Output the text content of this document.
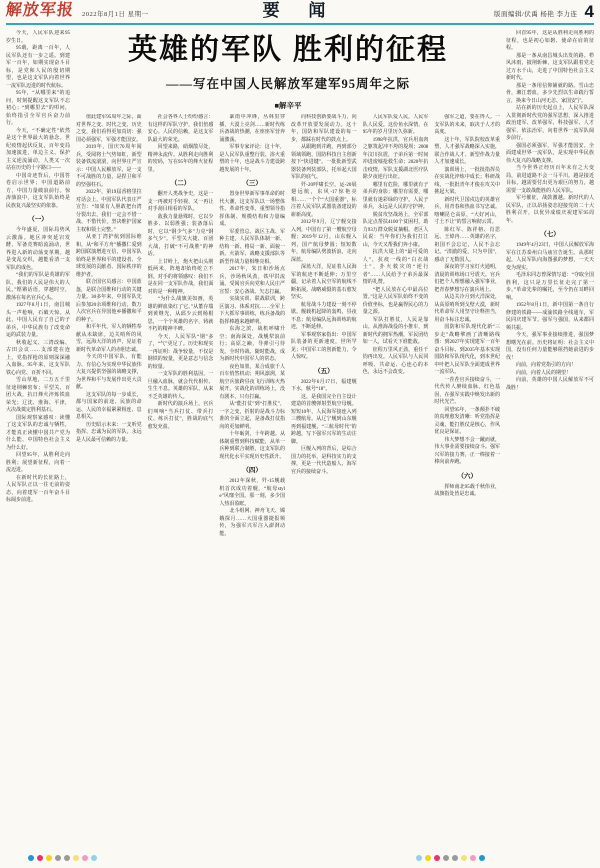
解放军报 2022年8月1日 星期一	要 闻	版面编辑/伏禹 杨艳 李力连 4

今天，人民军队迎来95岁生日。

95载，距离一百年，人民军队还有一步之遥。到建军一百年，如期实现奋斗目标，是党和人民的殷切期望，也是这支军队向着世界一流军队迈进的时代航标。

95年，“从哪里来”的追问，时刻提醒这支军队不忘初心；“到哪里去”的叩问，始终指引全军官兵奋力前行。

今天，“不确定性”依然是这个世界最大的悬念。世纪疫情起伏反复，百年变局加速演进，单边主义、保护主义逆流涌动，人类又一次站在历史的十字路口——

中国奇迹背后，中国答卷启示世界；中国道路前方，中国力量破浪前行。惊涛骇浪中，这支军队始终是民族复兴最坚实的依靠。

（一）

今年盛夏，国际局势风云激荡。地区冲突延宕发酵，军备竞赛暗流涌动，世界进入新的动荡变革期。越是变乱交织，越能看清一支军队的成色。

“我们的军队是英雄的军队，我们的人民是伟大的人民。”铿锵话语，穿越时空，激荡在每名官兵心头。

1927年8月1日，南昌城头一声枪响，石破天惊。从此，中国人民有了自己的子弟兵，中华民族有了改变命运的武装力量。

秋收起义、三湾改编、古田会议……支部建在连上，党指挥枪的原则深深融入血脉。95年来，这支军队铁心向党、百折不回。

雪山草地，二万五千里征途荆棘密布；平型关、百团大战，抗日烽火淬炼铁血荣光；辽沈、淮海、平津，大决战奠定胜利基石。

国际观察家感叹：读懂了这支军队的忠诚与牺牲，才能真正读懂中国共产党为什么能、中国特色社会主义为什么好。

回望95年，从胜利走向胜利；展望新征程，向着一流迈进。

在新时代的长征路上，人民军队正以一往无前的姿态，向着建军一百年奋斗目标阔步前进。

英雄的军队 胜利的征程
——写在中国人民解放军建军95周年之际
■解辛平

值此建军95周年之际，面对世界之变、时代之变、历史之变，我们看得更加真切：强国必须强军，军强才能国安。

2019年，国庆70周年阅兵，受阅将士气势如虹，新型装备铁流滚滚，向世界庄严宣示：中国人民解放军，是一支不可战胜的力量，是捍卫和平的坚强柱石。

2022年，第19届香格里拉对话会上，中国军队代表庄严宣告：“如果有人胆敢把台湾分裂出去，我们一定会不惜一战、不惜代价，坚决维护国家主权和领土完整。”

从亚丁湾护航到国际维和，从“和平方舟”播撒仁爱到跨国联演增进互信，中国军队始终是世界和平的建设者、全球发展的贡献者、国际秩序的维护者。

联合国官员感言：中国蓝盔，是联合国维和行动的关键力量。30多年来，中国军队先后参加20余项维和行动，数万人次官兵在异国他乡播撒和平的种子。

和平年代，军人的牺牲奉献从未缺席。边关哨所的风雪，远海大洋的涛声，见证着新时代革命军人的赤胆忠诚。

今天的中国军队，有能力、有信心为实现中华民族伟大复兴提供坚强的战略支撑，为世界和平与发展作出更大贡献。

这支军队的每一步成长，都与国家的前途、民族的命运、人民的幸福紧紧相连、息息相关。

历史昭示未来：一支听党指挥、忠诚为民的军队，永远是人民最可信赖的力量。

社会各界人士纷纷感言：有这样的军队守护，我们倍感安心。人民的信赖，是这支军队最大的荣光。

回望来路，硝烟散尽处，精神永流传。从胜利走向胜利的密码，写在95年的烽火征程里。

（二）

翻开人类战争史，这是一支一再被对手轻视、又一再让对手刮目相看的军队。

敌我力量悬殊时，它以少胜多、以弱胜强；装备落后时，它以“钢少气多”力克“钢多气少”。平型关大捷、百团大战，打破“不可战胜”的神话。

上甘岭上，炮火把山头削低两米，阵地却始终屹立不倒。对手的将领感叹：我们不是在同一支军队作战，我们面对的是一种精神。

“为什么战旗美如画，英雄的鲜血染红了它。”从董存瑞到黄继光，从邱少云到杨根思，一个个英雄的名字，铸就不朽的精神丰碑。

今天，人民军队“钢”多了，“气”更足了。历史和现实一再证明：战争较量，不仅是钢铁的较量，更是意志与信念的较量。

一支军队的胜利基因，一旦融入血脉，就会代代相传、生生不息。英雄的军队，从来不乏英雄的传人。

新时代的演兵场上，官兵们叫响“当兵打仗、带兵打仗、练兵打仗”，胜战的底气愈发充盈。

暴雨中冲锋，丛林里穿插，大漠上亮剑……新时代练兵备战的热潮，在座座军营奔涌激荡。

军事专家评论：这十年，是人民军队重整行装、浴火重塑的十年，也是战斗力建设跨越发展的十年。

（三）

置身世界新军事革命的时代大潮，这支军队以一场整体性、革命性变革，重塑领导指挥体制、规模结构和力量编成。

军委管总、战区主战、军种主建，人民军队体制一新、结构一新、格局一新、面貌一新。火箭军、战略支援部队等新型作战力量相继亮相。

2017年，朱日和沙场点兵，沙场秋风劲，铁甲洪流涌。受阅官兵向党和人民庄严宣誓：安心备战、矢志打赢。

实战实训、联战联训，跨区演习、体系对抗……全军上下大抓军事训练，练兵备战的指挥棒越来越鲜明。

东海之滨，战机呼啸升空；南海深处，战舰犁浪前行；高原之巅，导弹引弓待发。全时待战、随时能战，成为新时代中国军人的常态。

夜色如墨，某合成旅千人百车悄然机动；朔风凛冽，某航空兵旅跨昼夜飞行训练火热展开。实战化的训练场上，没有剧本，只有打赢。

从“能打仗”到“打胜仗”，一字之变，折射的是战斗力标准的全面立起，是备战打仗指向的更加鲜明。

十年砺剑，十年跨越。从体制重塑到科技赋能，从单一兵种到联合制胜，这支军队的现代化水平实现历史性跃升。

（四）

2012年深秋，歼-15舰载机首次成功着舰，“航母style”风靡全国。那一刻，多少国人热泪盈眶。

北斗组网、神舟飞天、嫦娥探月……大国重器捷报频传，为强军兴军注入澎湃动能。

向科技创新要战斗力，向改革开放要发展动力。这十年，国防和军队建设的每一步，都踩在时代的鼓点上。

从跟跑到并跑，再到部分领域领跑，国防科技自主创新按下“快进键”。一批批新型武器装备列装部队，托举起大国军队的底气。

歼-20呼啸长空，运-20展翅远航，东风-17惊艳亮相……一个个“大国重器”，标注着人民军队武器装备建设的崭新高度。

2012年9月，辽宁舰交接入列，中国有了第一艘航空母舰；2019年12月，山东舰入列，国产航母梦圆；短短数年，航母编队劈波斩浪，走向深蓝。

深蓝大洋，见证着人民海军的航迹不断延伸；万里空疆，记录着人民空军的航线不断拓展。战略威慑的基石愈发坚实。

航母战斗力建设一刻不停歇。舰载机起降的轰鸣，昼夜不息；航母编队远海训练的航迹，不断延伸。

军事观察家指出：中国军队装备的更新速度，世所罕见；中国军工的创新能力，令人惊叹。

（五）

2022年6月17日，福建舰下水，舷号“18”。

这，是我国完全自主设计建造的首艘弹射型航空母舰。短短10年，人民海军接连入列三艘航母。从辽宁舰到山东舰再到福建舰，“三航母时代”的跨越，写下强军兴军的生动注脚。

巨舰入列的背后，是综合国力的托举，是科技实力的支撑，更是一代代造船人、海军官兵的接续奋斗。

人民军队爱人民，人民军队人民爱。这份鱼水深情，在95年的岁月里历久弥新。

1998年抗洪，官兵用血肉之躯筑起冲不垮的堤坝；2008年汶川抗震，子弟兵第一时间冲进废墟抢救生命；2020年抗击疫情，军队支援湖北医疗队除夕夜逆行出征。

哪里有危险，哪里就有子弟兵的身影；哪里有需要，哪里就有迷彩绿的守护。人民子弟兵，永远是人民的守护神。

脱贫攻坚战场上，全军部队定点帮扶4100个贫困村，助力93万群众脱贫摘帽。老区人民说：当年你们为我们打江山，今天又帮我们奔小康。

抗洪大堤上的“最可爱的人”，抗疫一线的“白衣战士”，扑火救灾的“逆行者”……人民给予子弟兵最深情的礼赞。

“把人民放在心中最高位置。”这是人民军队始终不变的价值坐标，也是赢得民心的力量之源。

军队打胜仗，人民是靠山。从淮海战役的小推车，到新时代的拥军热潮，军民团结如一人，试看天下谁能敌。

征程万里风正劲，重任千钧再出发。人民军队与人民同呼吸、共命运、心连心的本色，永远不会改变。

强军之道，要在得人。一支军队的未来，取决于人才的高度。

这十年，军队院校改革重塑，人才强军战略深入实施，联合作战人才、新型作战力量人才加速成长。

演训场上，一批批指挥员在实战化淬炼中成长；科研战线，一批批青年才俊在攻关中挑起大梁。

新时代卫国戍边的英雄官兵，用青春和热血书写忠诚。喀喇昆仑高原，“大好河山，寸土不让”的誓言响彻云霄。

陈红军、陈祥榕、肖思远、王焯冉……英雄的名字，祖国不会忘记，人民不会忘记。“清澈的爱，只为中国”，感动了无数国人。

深夜的学习室灯火通明，清晨的训练场口号震天。官兵们把个人理想融入强军事业，把青春梦想写在演兵场上。

从边关冷月到大洋深处，从高原哨所到戈壁大漠，新时代革命军人用坚守诠释担当，用奋斗标注忠诚。

国防和军队现代化新“三步走”战略擘画了清晰路线图：到2027年实现建军一百年奋斗目标，到2035年基本实现国防和军队现代化，到本世纪中叶把人民军队全面建成世界一流军队。

一茬茬官兵接续奋斗，一代代传人赓续血脉。红色基因，在强军实践中焕发出新的时代光芒。

回望95年，一条颠扑不破的真理愈发清晰：听党指挥是灵魂，能打胜仗是核心，作风优良是保证。

伟大梦想不会一蹴而就，伟大事业需要接续奋斗。强军兴军的接力赛，正一棒接着一棒向前奔跑。

（六）

挥师南北95载千秋伟业，战旗指处皆是忠诚。

回首95年，这是从胜利走向胜利的征程，也是初心如磐、使命在肩的征程。

那是一条从南昌城头出发的路。栉风沐雨，披荆斩棘，这支军队跟着党走过万水千山，走进了中国特色社会主义新时代。

那是一条用信仰铺就的路。雪山忠骨，湘江碧血，多少先烈以生命践行誓言，换来今日山河无恙、家国安宁。

站在新的历史起点上，人民军队深入贯彻新时代党的强军思想，深入推进政治建军、改革强军、科技强军、人才强军、依法治军，向着世界一流军队阔步前行。

强国必须强军，军强才能国安。全面建成世界一流军队，是实现中华民族伟大复兴的战略支撑。

当今世界正经历百年未有之大变局，前进道路不会一马平川。越是接近目标，越需要付出更为艰巨的努力，越需要一支敢战能胜的人民军队。

军号催征，战鼓激越。新时代的人民军队，正以昂扬姿态迎接党的二十大胜利召开，以优异成绩庆祝建军95周年。

（七）

1949年4月23日，中国人民解放军海军在江苏泰州白马庙宣告诞生。从那时起，人民军队向海图强的梦想，一天天变为现实。

毛泽东同志曾深情写道：“夺取全国胜利，这只是万里长征走完了第一步。”革命先辈的嘱托，至今仍在耳畔回响。

1952年8月1日，新中国第一条自行修建的铁路——成渝铁路全线通车，军民同庆建军节。强军与强国，从来都同频共振。

今天，强军事业接续推进，强国梦想曙光在前。历史将证明：社会主义中国，没有任何力量能够阻挡她前进的步伐！

向前，向着党指引的方向！

向前，向着人民的期望！

向前，英雄的中国人民解放军不可战胜！
